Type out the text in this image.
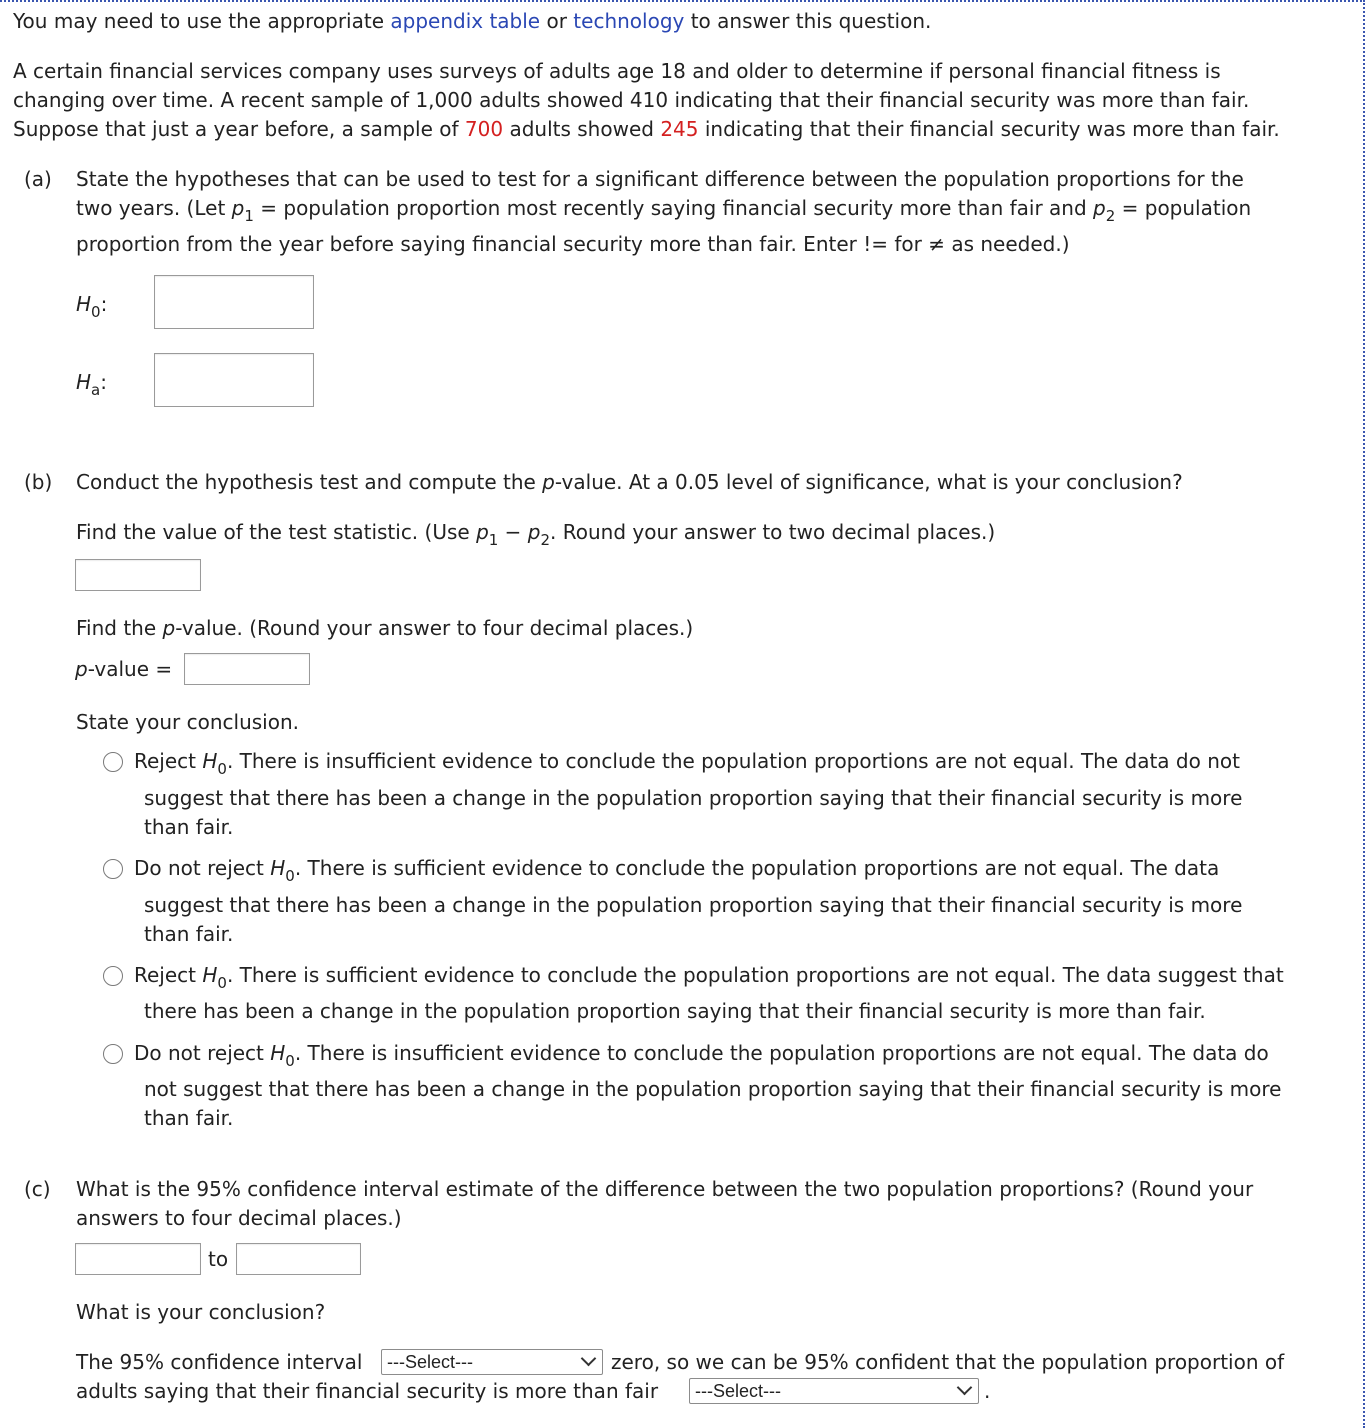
You may need to use the appropriate appendix table or technology to answer this question.
A certain financial services company uses surveys of adults age 18 and older to determine if personal financial fitness is
changing over time. A recent sample of 1,000 adults showed 410 indicating that their financial security was more than fair.
Suppose that just a year before, a sample of 700 adults showed 245 indicating that their financial security was more than fair.
(a) State the hypotheses that can be used to test for a significant difference between the population proportions for the
two years. (Let $p_1$ = population proportion most recently saying financial security more than fair and $p_2$ = population
proportion from the year before saying financial security more than fair. Enter != for ≠ as needed.)
$H_0$:
$H_a$:
(b) Conduct the hypothesis test and compute the p-value. At a 0.05 level of significance, what is your conclusion?
Find the value of the test statistic. (Use $p_1 - p_2$. Round your answer to two decimal places.)
Find the p-value. (Round your answer to four decimal places.)
p-value =
State your conclusion.
Reject $H_0$. There is insufficient evidence to conclude the population proportions are not equal. The data do not
suggest that there has been a change in the population proportion saying that their financial security is more
than fair.
Do not reject $H_0$. There is sufficient evidence to conclude the population proportions are not equal. The data
suggest that there has been a change in the population proportion saying that their financial security is more
than fair.
Reject $H_0$. There is sufficient evidence to conclude the population proportions are not equal. The data suggest that
there has been a change in the population proportion saying that their financial security is more than fair.
Do not reject $H_0$. There is insufficient evidence to conclude the population proportions are not equal. The data do
not suggest that there has been a change in the population proportion saying that their financial security is more
than fair.
(c) What is the 95% confidence interval estimate of the difference between the two population proportions? (Round your
answers to four decimal places.)
to
What is your conclusion?
The 95% confidence interval	---Select---	zero, so we can be 95% confident that the population proportion of
adults saying that their financial security is more than fair	---Select---	.
